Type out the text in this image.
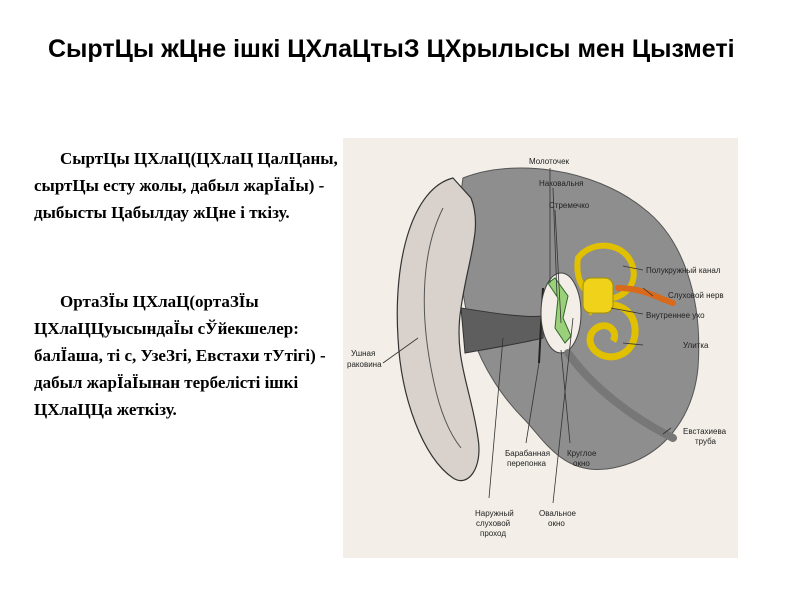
СыртЦы жЦне ішкі ЦХлаЦтыЗ ЦХрылысы мен Цызметі

СыртЦы ЦХлаЦ(ЦХлаЦ ЦалЦаны, сыртЦы есту жолы, дабыл жарЇаЇы) - дыбысты Цабылдау жЦне і ткізу.

ОртаЗЇы ЦХлаЦ(ортаЗЇы ЦХлаЦЦуысындаЇы сЎйекшелер: балЇаша, ті с, УзеЗгі, Евстахи тУтігі) - дабыл жарЇаЇынан тербелісті ішкі ЦХлаЦЦа жеткізу.

Молоточек
Наковальня
Стремечко
Полукружный канал
Слуховой нерв
Внутреннее ухо
Улитка
Ушная
раковина
Евстахиева
труба
Барабанная
перепонка
Круглое
окно
Наружный
слуховой
проход
Овальное
окно
